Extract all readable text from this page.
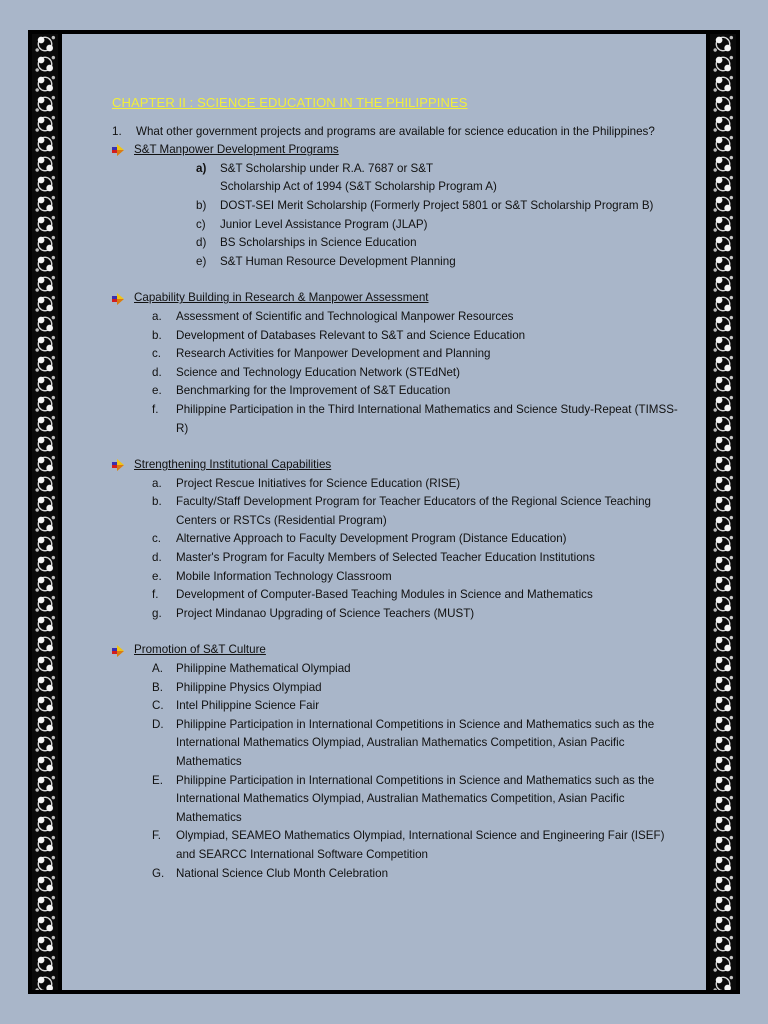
CHAPTER II : SCIENCE EDUCATION IN THE PHILIPPINES
1.	What other government projects and programs are available for science education in the Philippines?
S&T Manpower Development Programs
a)	S&T Scholarship under R.A. 7687 or S&T
Scholarship Act of 1994 (S&T Scholarship Program A)
b)	DOST-SEI Merit Scholarship (Formerly Project 5801 or S&T Scholarship Program B)
c)	Junior Level Assistance Program (JLAP)
d)	BS Scholarships in Science Education
e)	S&T Human Resource Development Planning
Capability Building in Research & Manpower Assessment
a.	Assessment of Scientific and Technological Manpower Resources
b.	Development of Databases Relevant to S&T and Science Education
c.	Research Activities for Manpower Development and Planning
d.	Science and Technology Education Network (STEdNet)
e.	Benchmarking for the Improvement of S&T Education
f.	Philippine Participation in the Third International Mathematics and Science Study-Repeat (TIMSS-R)
Strengthening Institutional Capabilities
a.	Project Rescue Initiatives for Science Education (RISE)
b.	Faculty/Staff Development Program for Teacher Educators of the Regional Science Teaching Centers or RSTCs (Residential Program)
c.	Alternative Approach to Faculty Development Program (Distance Education)
d.	Master's Program for Faculty Members of Selected Teacher Education Institutions
e.	Mobile Information Technology Classroom
f.	Development of Computer-Based Teaching Modules in Science and Mathematics
g.	Project Mindanao Upgrading of Science Teachers (MUST)
Promotion of S&T Culture
A.	Philippine Mathematical Olympiad
B.	Philippine Physics Olympiad
C.	Intel Philippine Science Fair
D.	Philippine Participation in International Competitions in Science and Mathematics such as the International Mathematics Olympiad, Australian Mathematics Competition, Asian Pacific Mathematics
E.	Philippine Participation in International Competitions in Science and Mathematics such as the International Mathematics Olympiad, Australian Mathematics Competition, Asian Pacific Mathematics
F.	Olympiad, SEAMEO Mathematics Olympiad, International Science and Engineering Fair (ISEF) and SEARCC International Software Competition
G.	National Science Club Month Celebration
